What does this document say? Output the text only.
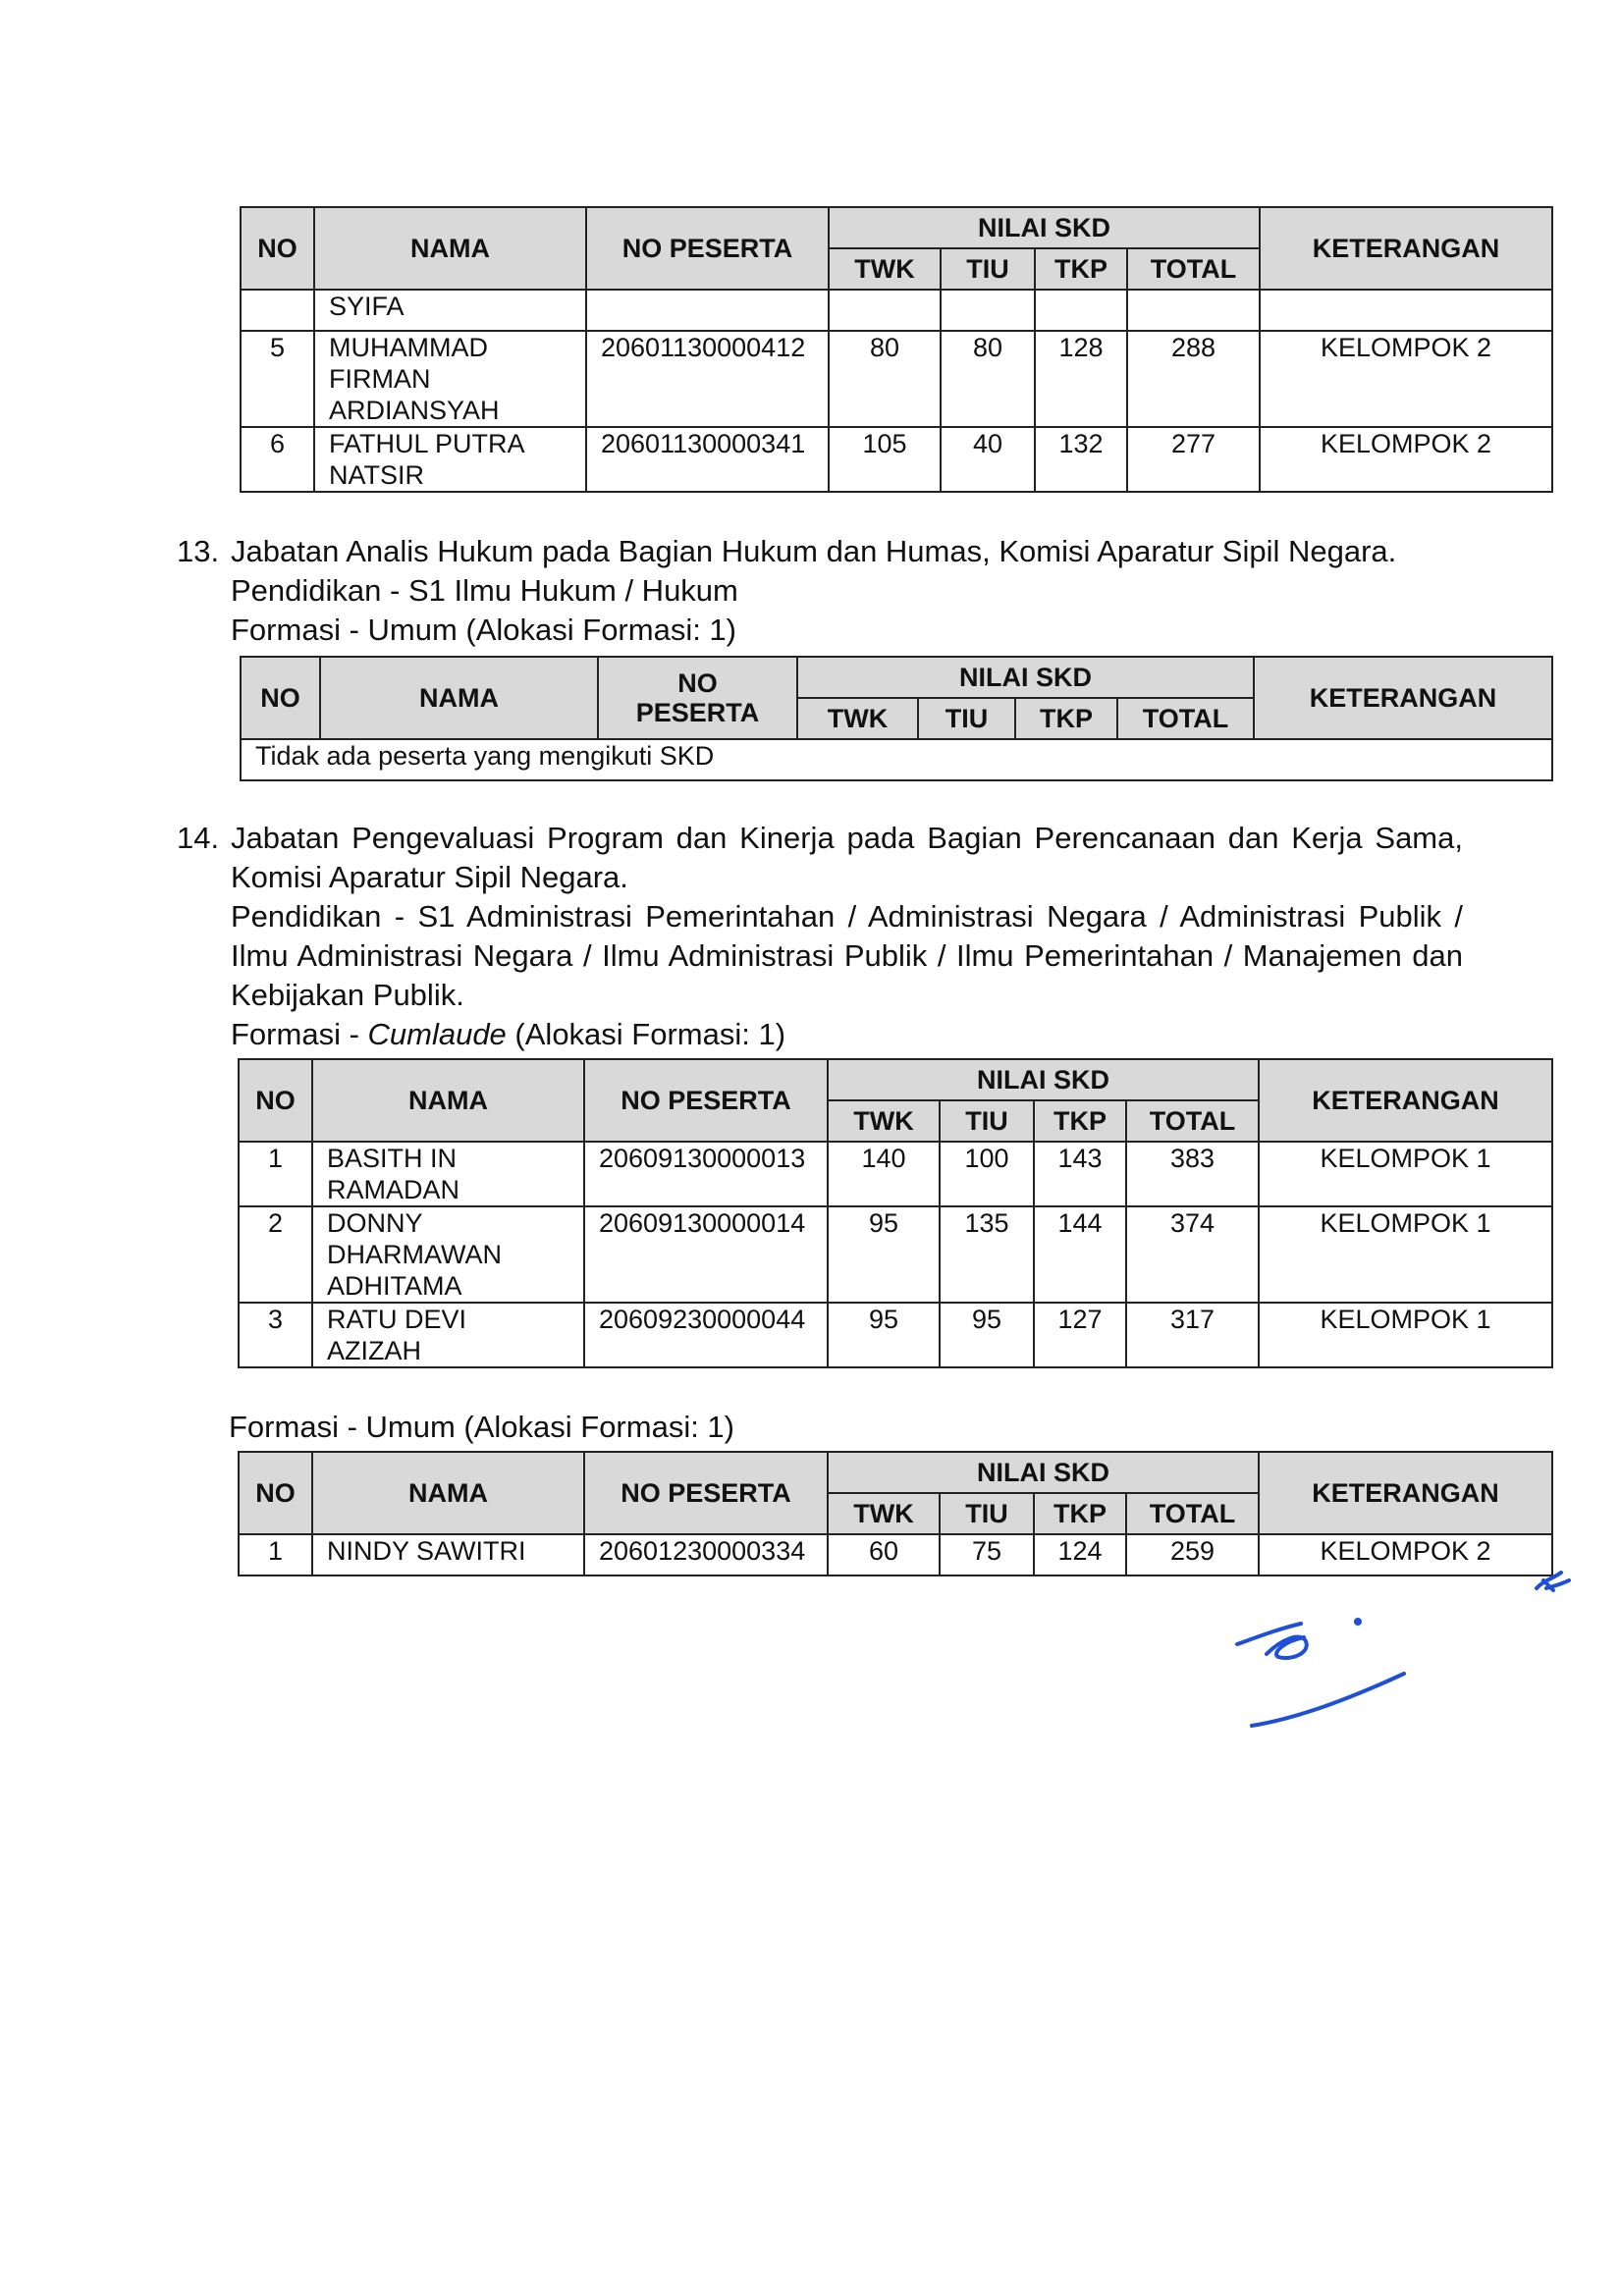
NO	NAMA	NO PESERTA	NILAI SKD				KETERANGAN
			TWK	TIU	TKP	TOTAL	

	SYIFA						

5	MUHAMMAD
FIRMAN
ARDIANSYAH	20601130000412	80	80	128	288	KELOMPOK 2
6	FATHUL PUTRA
NATSIR	20601130000341	105	40	132	277	KELOMPOK 2
13. Jabatan Analis Hukum pada Bagian Hukum dan Humas, Komisi Aparatur Sipil Negara.
Pendidikan - S1 Ilmu Hukum / Hukum
Formasi - Umum (Alokasi Formasi: 1)
NO	NAMA	NO
PESERTA	NILAI SKD				KETERANGAN
			TWK	TIU	TKP	TOTAL	
Tidak ada peserta yang mengikuti SKD							
14. Jabatan Pengevaluasi Program dan Kinerja pada Bagian Perencanaan dan Kerja Sama,
Komisi Aparatur Sipil Negara.
Pendidikan - S1 Administrasi Pemerintahan / Administrasi Negara / Administrasi Publik /
Ilmu Administrasi Negara / Ilmu Administrasi Publik / Ilmu Pemerintahan / Manajemen dan
Kebijakan Publik.
Formasi - Cumlaude (Alokasi Formasi: 1)
NO	NAMA	NO PESERTA	NILAI SKD				KETERANGAN
			TWK	TIU	TKP	TOTAL	
1	BASITH IN
RAMADAN	20609130000013	140	100	143	383	KELOMPOK 1
2	DONNY
DHARMAWAN
ADHITAMA	20609130000014	95	135	144	374	KELOMPOK 1
3	RATU DEVI
AZIZAH	20609230000044	95	95	127	317	KELOMPOK 1
Formasi - Umum (Alokasi Formasi: 1)
NO	NAMA	NO PESERTA	NILAI SKD				KETERANGAN
			TWK	TIU	TKP	TOTAL	
1	NINDY SAWITRI	20601230000334	60	75	124	259	KELOMPOK 2
